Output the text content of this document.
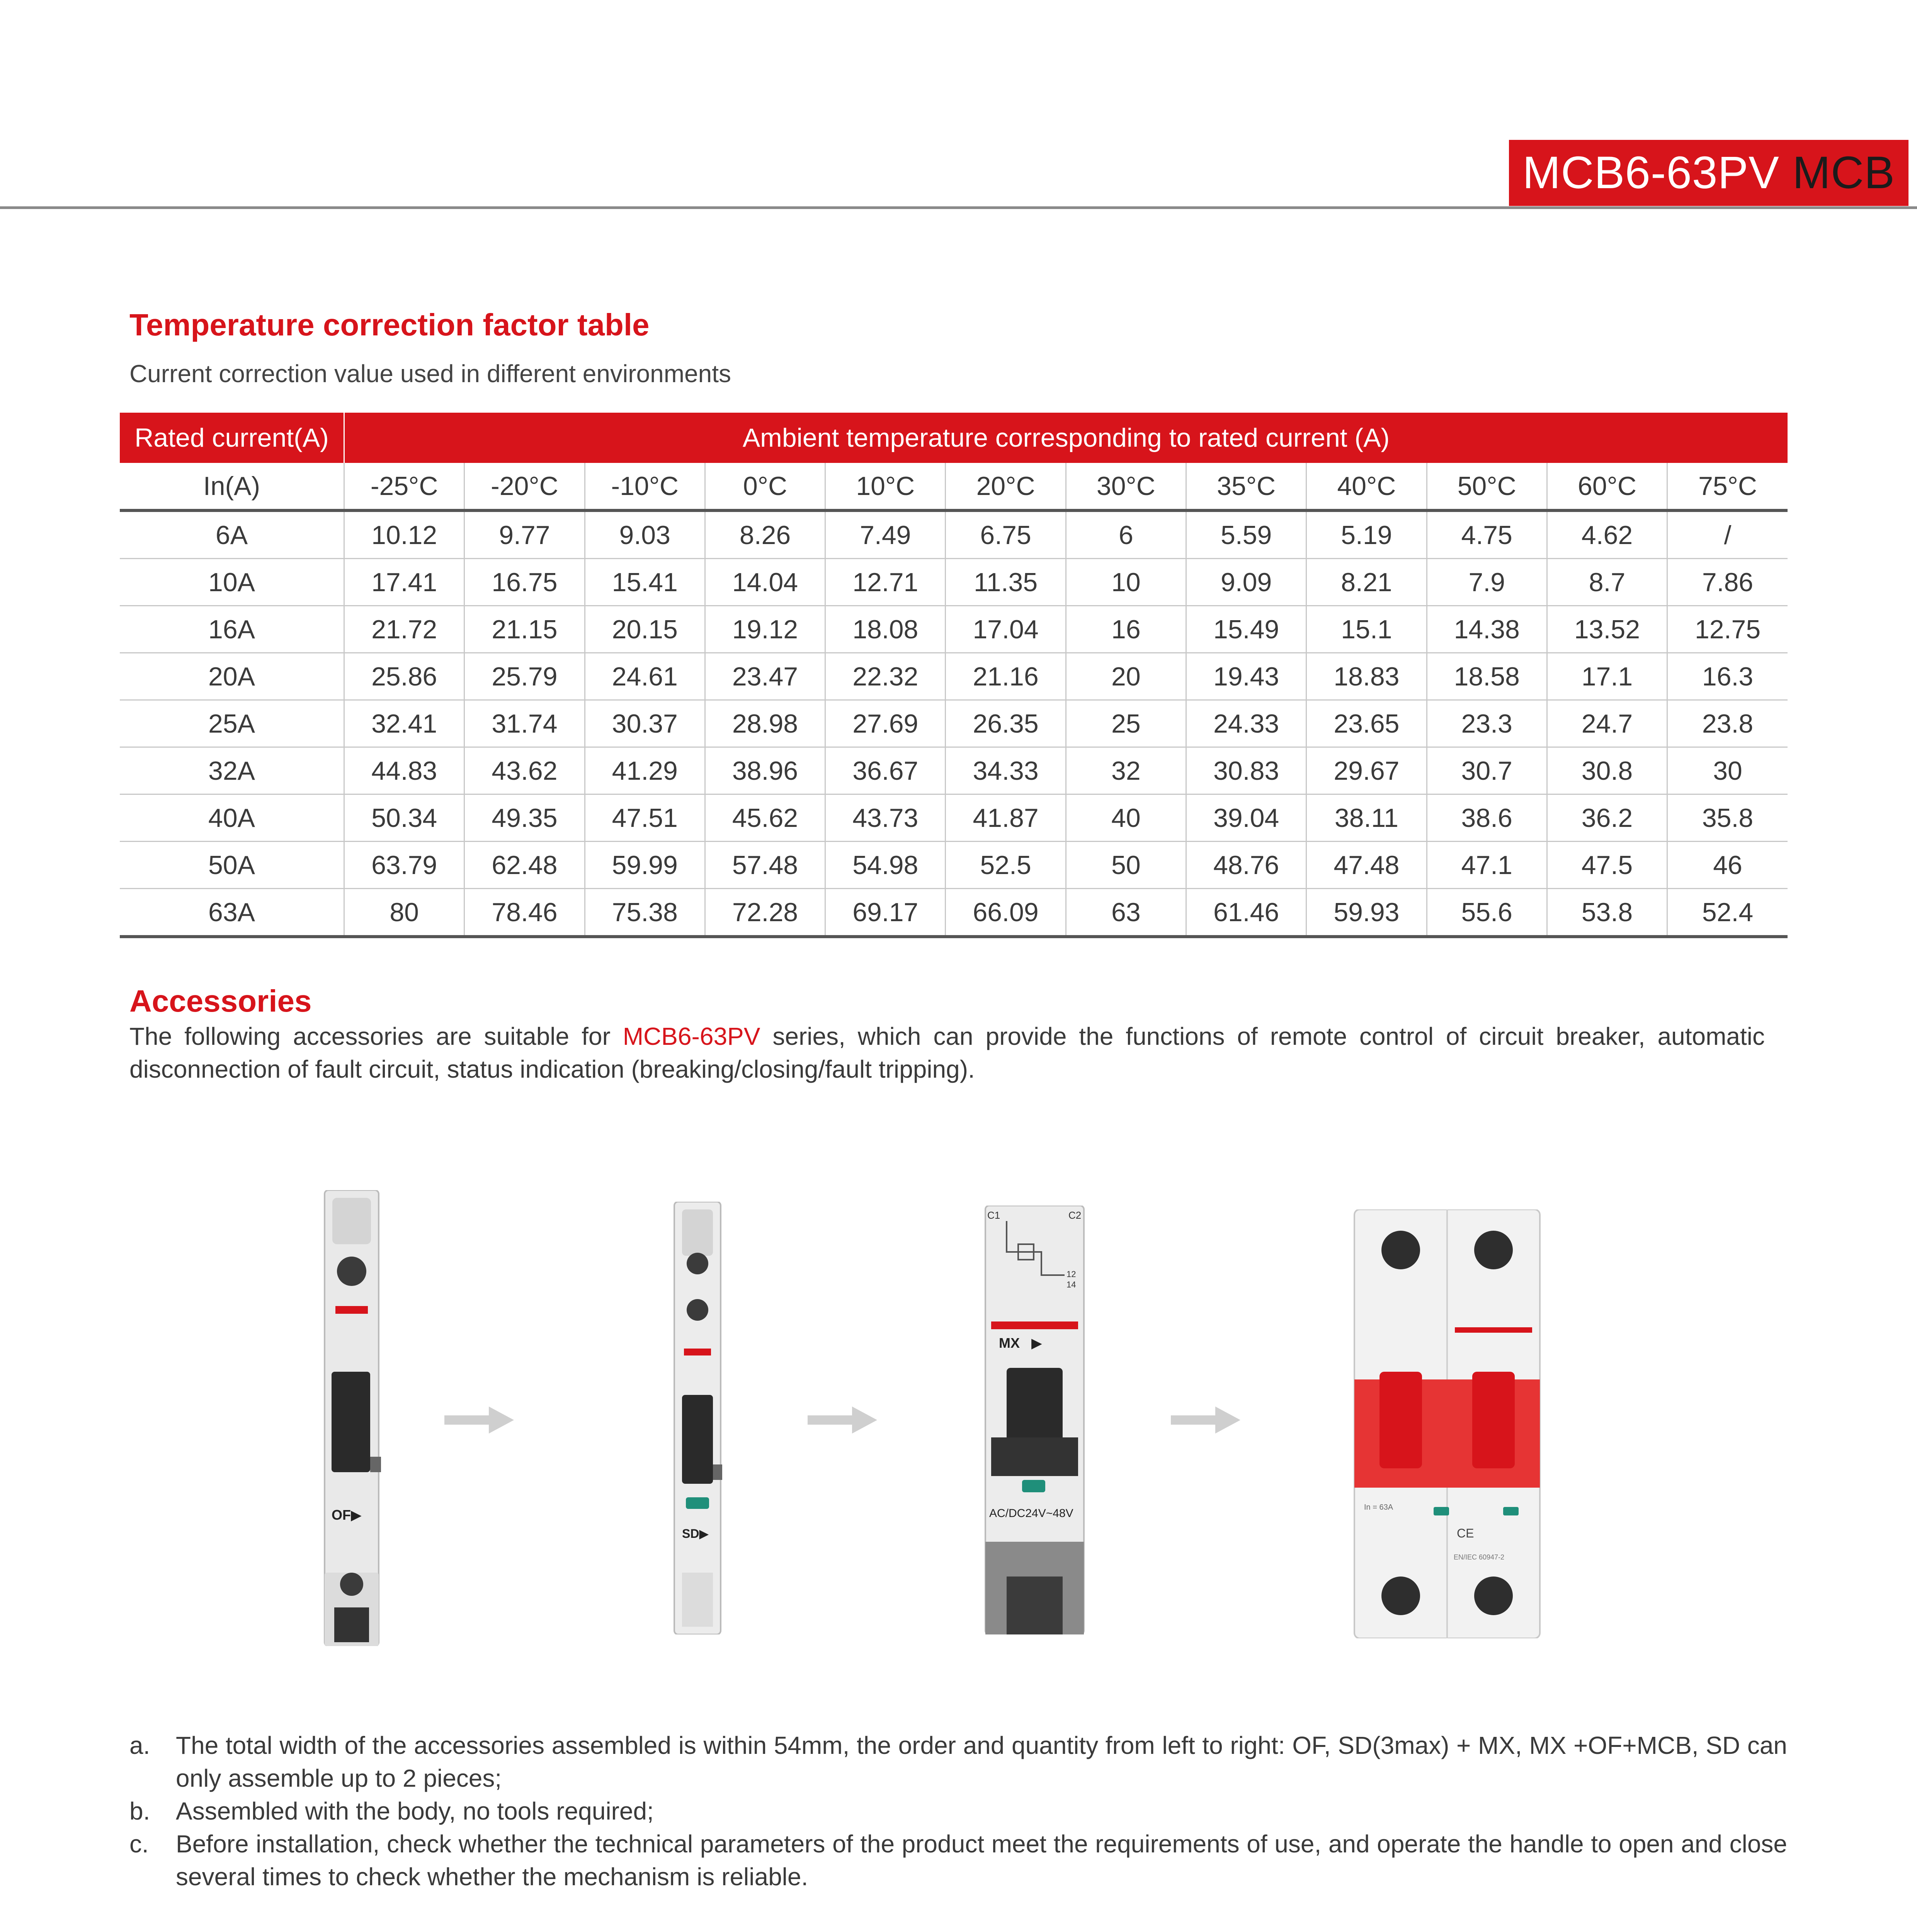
MCB6-63PV MCB
Temperature correction factor table
Current correction value used in different environments
Rated current(A)	Ambient temperature corresponding to rated current (A)											
In(A)	-25°C	-20°C	-10°C	0°C	10°C	20°C	30°C	35°C	40°C	50°C	60°C	75°C
6A	10.12	9.77	9.03	8.26	7.49	6.75	6	5.59	5.19	4.75	4.62	/
10A	17.41	16.75	15.41	14.04	12.71	11.35	10	9.09	8.21	7.9	8.7	7.86
16A	21.72	21.15	20.15	19.12	18.08	17.04	16	15.49	15.1	14.38	13.52	12.75
20A	25.86	25.79	24.61	23.47	22.32	21.16	20	19.43	18.83	18.58	17.1	16.3
25A	32.41	31.74	30.37	28.98	27.69	26.35	25	24.33	23.65	23.3	24.7	23.8
32A	44.83	43.62	41.29	38.96	36.67	34.33	32	30.83	29.67	30.7	30.8	30
40A	50.34	49.35	47.51	45.62	43.73	41.87	40	39.04	38.11	38.6	36.2	35.8
50A	63.79	62.48	59.99	57.48	54.98	52.5	50	48.76	47.48	47.1	47.5	46
63A	80	78.46	75.38	72.28	69.17	66.09	63	61.46	59.93	55.6	53.8	52.4
Accessories
The following accessories are suitable for MCB6-63PV series, which can provide the functions of remote control of circuit breaker, automatic disconnection of fault circuit, status indication (breaking/closing/fault tripping).
OF▶
SD▶
C1	C2
12
14
MX   ▶
AC/DC24V~48V	In = 63A
CE
EN/IEC 60947-2
a.	The total width of the accessories assembled is within 54mm, the order and quantity from left to right: OF, SD(3max) + MX, MX +OF+MCB, SD can only assemble up to 2 pieces;
b.	Assembled with the body, no tools required;
c.	Before installation, check whether the technical parameters of the product meet the requirements of use, and operate the handle to open and close several times to check whether the mechanism is reliable.
